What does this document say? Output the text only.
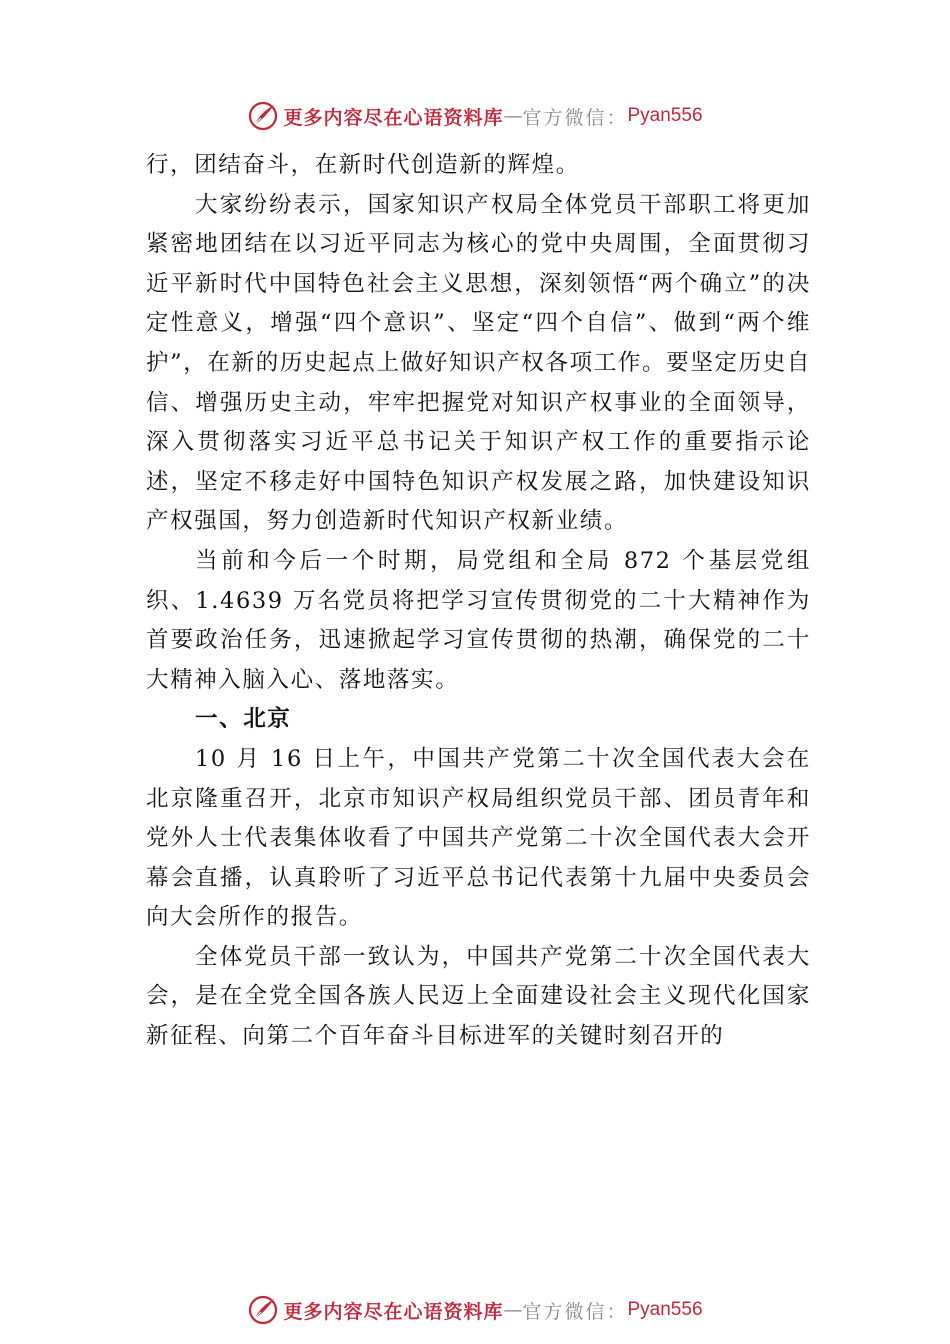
更多内容尽在心语资料库 — 官方微信： Pyan556

行，团结奋斗，在新时代创造新的辉煌。

大家纷纷表示，国家知识产权局全体党员干部职工将更加紧密地团结在以习近平同志为核心的党中央周围，全面贯彻习近平新时代中国特色社会主义思想，深刻领悟“两个确立”的决定性意义，增强“四个意识”、坚定“四个自信”、做到“两个维护”，在新的历史起点上做好知识产权各项工作。要坚定历史自信、增强历史主动，牢牢把握党对知识产权事业的全面领导，深入贯彻落实习近平总书记关于知识产权工作的重要指示论述，坚定不移走好中国特色知识产权发展之路，加快建设知识产权强国，努力创造新时代知识产权新业绩。

当前和今后一个时期，局党组和全局 872 个基层党组织、1.4639 万名党员将把学习宣传贯彻党的二十大精神作为首要政治任务，迅速掀起学习宣传贯彻的热潮，确保党的二十大精神入脑入心、落地落实。

一、北京

10 月 16 日上午，中国共产党第二十次全国代表大会在北京隆重召开，北京市知识产权局组织党员干部、团员青年和党外人士代表集体收看了中国共产党第二十次全国代表大会开幕会直播，认真聆听了习近平总书记代表第十九届中央委员会向大会所作的报告。

全体党员干部一致认为，中国共产党第二十次全国代表大会，是在全党全国各族人民迈上全面建设社会主义现代化国家新征程、向第二个百年奋斗目标进军的关键时刻召开的

更多内容尽在心语资料库 — 官方微信： Pyan556
